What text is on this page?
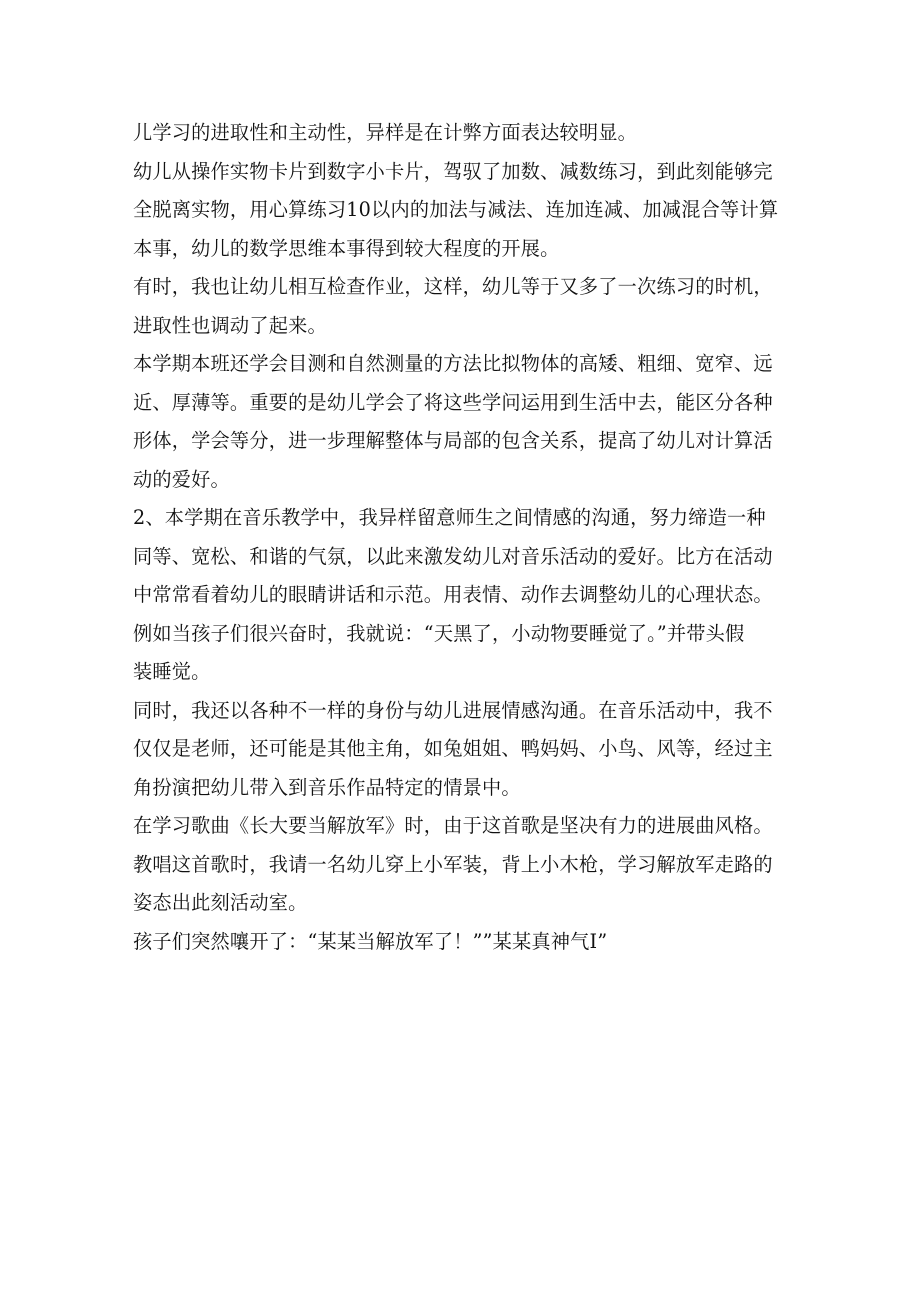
儿学习的进取性和主动性，异样是在计弊方面表达较明显。
幼儿从操作实物卡片到数字小卡片，驾驭了加数、减数练习，到此刻能够完
全脱离实物，用心算练习10以内的加法与减法、连加连减、加减混合等计算
本事，幼儿的数学思维本事得到较大程度的开展。
有时，我也让幼儿相互检查作业，这样，幼儿等于又多了一次练习的时机，
进取性也调动了起来。
本学期本班还学会目测和自然测量的方法比拟物体的高矮、粗细、宽窄、远
近、厚薄等。重要的是幼儿学会了将这些学问运用到生活中去，能区分各种
形体，学会等分，进一步理解整体与局部的包含关系，提高了幼儿对计算活
动的爱好。
2、本学期在音乐教学中，我异样留意师生之间情感的沟通，努力缔造一种
同等、宽松、和谐的气氛，以此来激发幼儿对音乐活动的爱好。比方在活动
中常常看着幼儿的眼睛讲话和示范。用表情、动作去调整幼儿的心理状态。
例如当孩子们很兴奋时，我就说：“天黑了，小动物要睡觉了。”并带头假
装睡觉。
同时，我还以各种不一样的身份与幼儿进展情感沟通。在音乐活动中，我不
仅仅是老师，还可能是其他主角，如兔姐姐、鸭妈妈、小鸟、风等，经过主
角扮演把幼儿带入到音乐作品特定的情景中。
在学习歌曲《长大要当解放军》时，由于这首歌是坚决有力的进展曲风格。
教唱这首歌时，我请一名幼儿穿上小军装，背上小木枪，学习解放军走路的
姿态出此刻活动室。
孩子们突然嚷开了：“某某当解放军了！””某某真神气I”
